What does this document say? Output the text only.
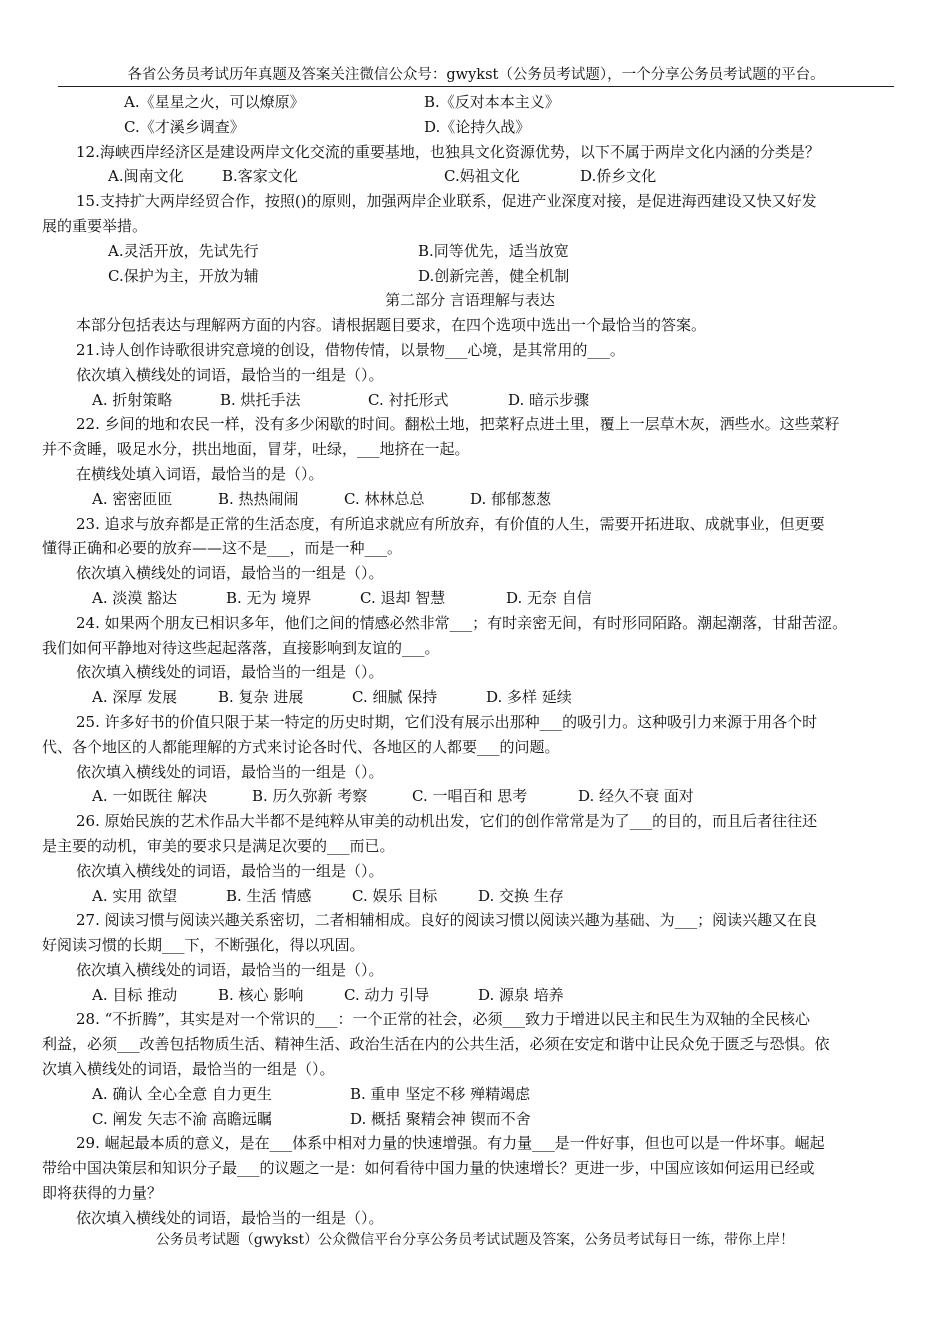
各省公务员考试历年真题及答案关注微信公众号：gwykst（公务员考试题），一个分享公务员考试题的平台。
A.《星星之火，可以燎原》	B.《反对本本主义》
C.《才溪乡调查》	D.《论持久战》
12.海峡西岸经济区是建设两岸文化交流的重要基地，也独具文化资源优势，以下不属于两岸文化内涵的分类是？
A.闽南文化	B.客家文化	C.妈祖文化	D.侨乡文化
15.支持扩大两岸经贸合作，按照()的原则，加强两岸企业联系，促进产业深度对接，是促进海西建设又快又好发
展的重要举措。
A.灵活开放，先试先行	B.同等优先，适当放宽
C.保护为主，开放为辅	D.创新完善，健全机制
第二部分 言语理解与表达
本部分包括表达与理解两方面的内容。请根据题目要求，在四个选项中选出一个最恰当的答案。
21.诗人创作诗歌很讲究意境的创设，借物传情，以景物___心境，是其常用的___。
依次填入横线处的词语，最恰当的一组是（）。
A. 折射策略	B. 烘托手法	C. 衬托形式	D. 暗示步骤
22. 乡间的地和农民一样，没有多少闲歇的时间。翻松土地，把菜籽点进土里，覆上一层草木灰，洒些水。这些菜籽
并不贪睡，吸足水分，拱出地面，冒芽，吐绿，___地挤在一起。
在横线处填入词语，最恰当的是（）。
A. 密密匝匝	B. 热热闹闹	C. 林林总总	D. 郁郁葱葱
23. 追求与放弃都是正常的生活态度，有所追求就应有所放弃，有价值的人生，需要开拓进取、成就事业，但更要
懂得正确和必要的放弃——这不是___，而是一种___。
依次填入横线处的词语，最恰当的一组是（）。
A. 淡漠 豁达	B. 无为 境界	C. 退却 智慧	D. 无奈 自信
24. 如果两个朋友已相识多年，他们之间的情感必然非常___；有时亲密无间，有时形同陌路。潮起潮落，甘甜苦涩。
我们如何平静地对待这些起起落落，直接影响到友谊的___。
依次填入横线处的词语，最恰当的一组是（）。
A. 深厚 发展	B. 复杂 进展	C. 细腻 保持	D. 多样 延续
25. 许多好书的价值只限于某一特定的历史时期，它们没有展示出那种___的吸引力。这种吸引力来源于用各个时
代、各个地区的人都能理解的方式来讨论各时代、各地区的人都要___的问题。
依次填入横线处的词语，最恰当的一组是（）。
A. 一如既往 解决	B. 历久弥新 考察	C. 一唱百和 思考	D. 经久不衰 面对
26. 原始民族的艺术作品大半都不是纯粹从审美的动机出发，它们的创作常常是为了___的目的，而且后者往往还
是主要的动机，审美的要求只是满足次要的___而已。
依次填入横线处的词语，最恰当的一组是（）。
A. 实用 欲望	B. 生活 情感	C. 娱乐 目标	D. 交换 生存
27. 阅读习惯与阅读兴趣关系密切，二者相辅相成。良好的阅读习惯以阅读兴趣为基础、为___；阅读兴趣又在良
好阅读习惯的长期___下，不断强化，得以巩固。
依次填入横线处的词语，最恰当的一组是（）。
A. 目标 推动	B. 核心 影响	C. 动力 引导	D. 源泉 培养
28. “不折腾”，其实是对一个常识的___：一个正常的社会，必须___致力于增进以民主和民生为双轴的全民核心
利益，必须___改善包括物质生活、精神生活、政治生活在内的公共生活，必须在安定和谐中让民众免于匮乏与恐惧。依
次填入横线处的词语，最恰当的一组是（）。
A. 确认 全心全意 自力更生	B. 重申 坚定不移 殚精竭虑
C. 阐发 矢志不渝 高瞻远瞩	D. 概括 聚精会神 锲而不舍
29. 崛起最本质的意义，是在___体系中相对力量的快速增强。有力量___是一件好事，但也可以是一件坏事。崛起
带给中国决策层和知识分子最___的议题之一是：如何看待中国力量的快速增长？更进一步，中国应该如何运用已经或
即将获得的力量？
依次填入横线处的词语，最恰当的一组是（）。
公务员考试题（gwykst）公众微信平台分享公务员考试试题及答案，公务员考试每日一练，带你上岸！
